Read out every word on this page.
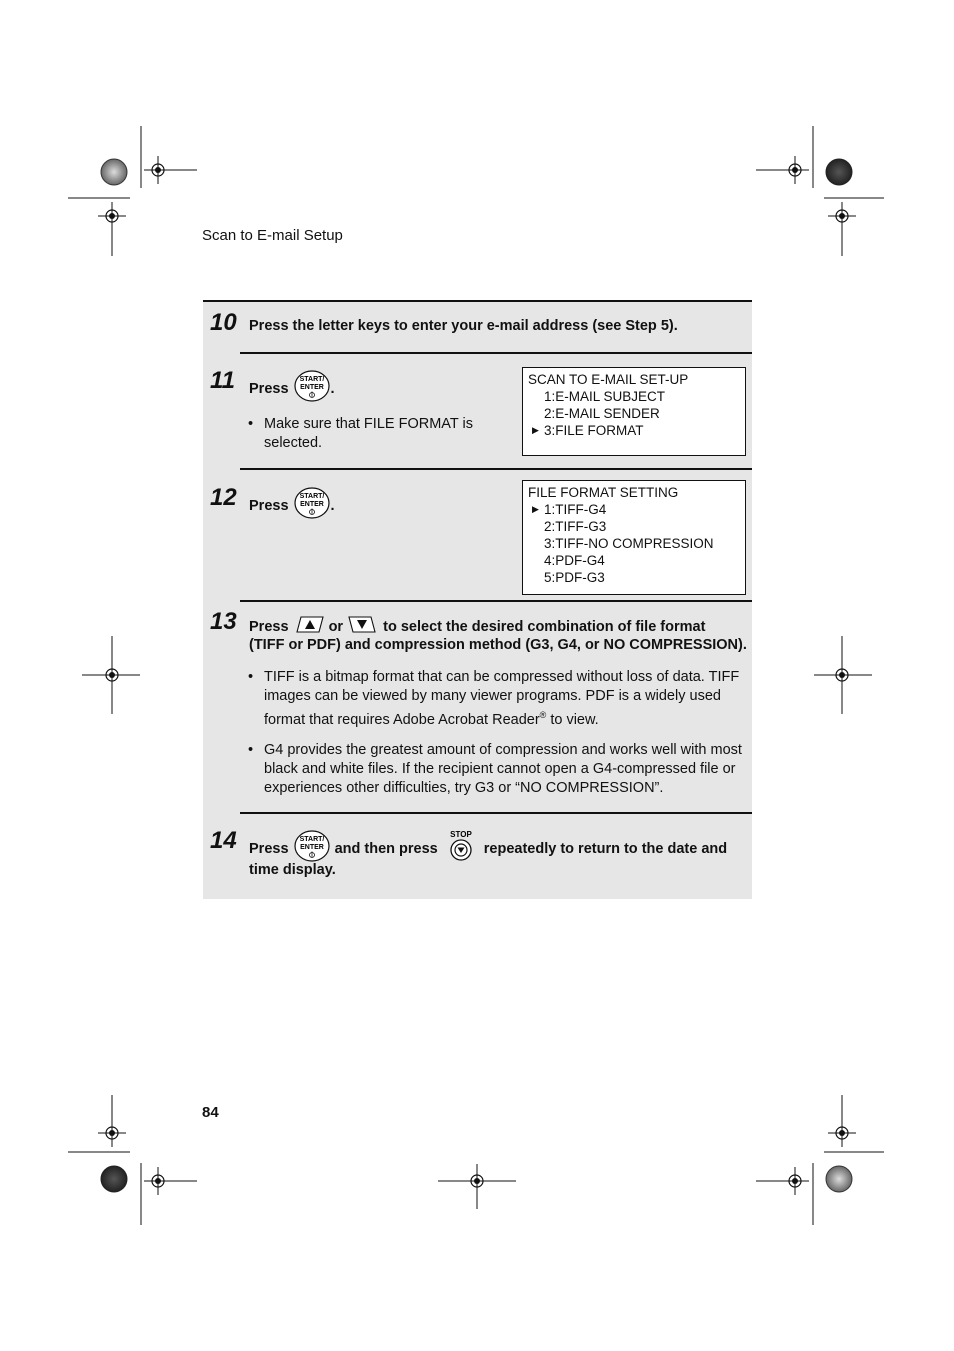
Scan to E-mail Setup
10 Press the letter keys to enter your e-mail address (see Step 5).
11 Press
START/
ENTER .
• Make sure that FILE FORMAT is selected.
SCAN TO E-MAIL SET-UP
1:E-MAIL SUBJECT
2:E-MAIL SENDER
▶ 3:FILE FORMAT
12 Press
START/
ENTER .
FILE FORMAT SETTING
▶ 1:TIFF-G4
2:TIFF-G3
3:TIFF-NO COMPRESSION
4:PDF-G4
5:PDF-G3
13 Press	or	to select the desired combination of file format
(TIFF or PDF) and compression method (G3, G4, or NO COMPRESSION).
• TIFF is a bitmap format that can be compressed without loss of data. TIFF images can be viewed by many viewer programs. PDF is a widely used format that requires Adobe Acrobat Reader® to view.
• G4 provides the greatest amount of compression and works well with most black and white files. If the recipient cannot open a G4-compressed file or experiences other difficulties, try G3 or “NO COMPRESSION”.
14 Press
START/
ENTER and then press
STOP
repeatedly to return to the date and
time display.
84
